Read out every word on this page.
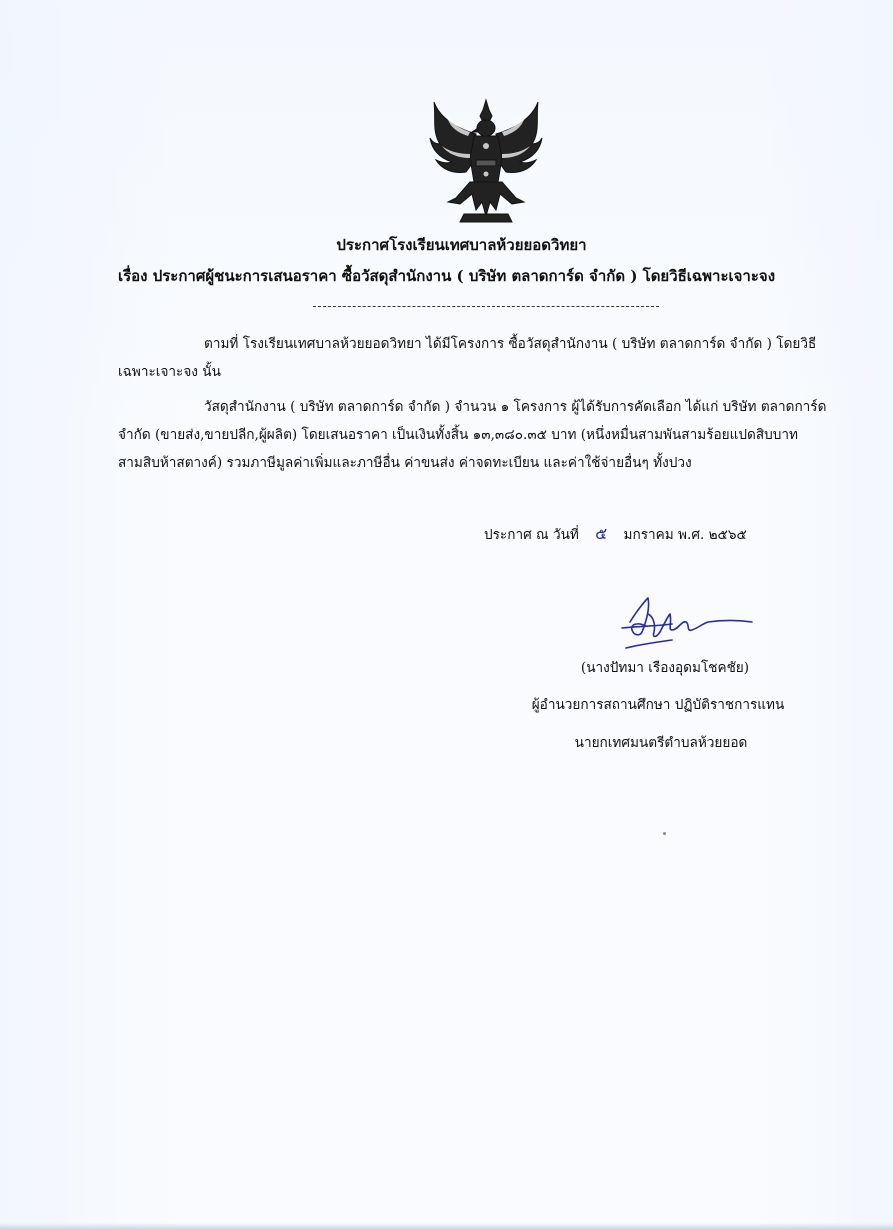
ประกาศโรงเรียนเทศบาลห้วยยอดวิทยา
เรื่อง ประกาศผู้ชนะการเสนอราคา ซื้อวัสดุสำนักงาน ( บริษัท ตลาดการ์ด จำกัด ) โดยวิธีเฉพาะเจาะจง
ตามที่ โรงเรียนเทศบาลห้วยยอดวิทยา ได้มีโครงการ ซื้อวัสดุสำนักงาน ( บริษัท ตลาดการ์ด จำกัด ) โดยวิธีเฉพาะเจาะจง นั้น
วัสดุสำนักงาน ( บริษัท ตลาดการ์ด จำกัด ) จำนวน ๑ โครงการ ผู้ได้รับการคัดเลือก ได้แก่ บริษัท ตลาดการ์ด จำกัด (ขายส่ง,ขายปลีก,ผู้ผลิต) โดยเสนอราคา เป็นเงินทั้งสิ้น ๑๓,๓๘๐.๓๕ บาท (หนึ่งหมื่นสามพันสามร้อยแปดสิบบาทสามสิบห้าสตางค์) รวมภาษีมูลค่าเพิ่มและภาษีอื่น ค่าขนส่ง ค่าจดทะเบียน และค่าใช้จ่ายอื่นๆ ทั้งปวง
ประกาศ ณ วันที่ ๕ มกราคม พ.ศ. ๒๕๖๕
(นางปัทมา เรืองอุดมโชคชัย)
ผู้อำนวยการสถานศึกษา ปฏิบัติราชการแทน
นายกเทศมนตรีตำบลห้วยยอด
